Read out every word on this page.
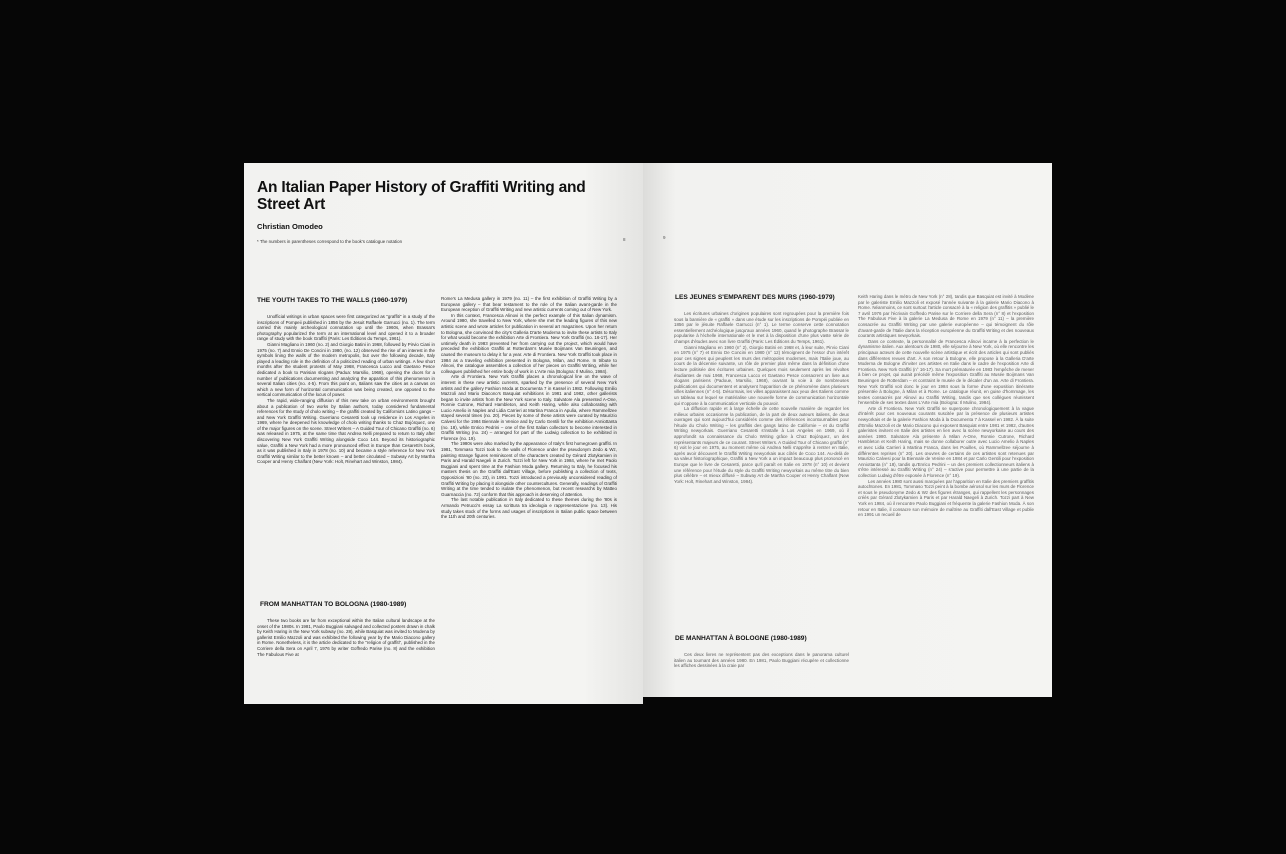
An Italian Paper History of Graffiti Writing and Street Art
Christian Omodeo
* The numbers in parentheses correspond to the book's catalogue notation	8
THE YOUTH TAKES TO THE WALLS (1960-1979)

Unofficial writings in urban spaces were first categorized as "graffiti" in a study of the inscriptions of Pompeii published in 1856 by the Jesuit Raffaele Garrucci (no. 1). The term carried this mainly archeological connotation up until the 1960s, when Brassaï's photography popularized the term at an international level and opened it to a broader range of study with the book Graffiti (Paris: Les Éditions du Temps, 1961).

Gianni Magliano in 1960 (no. 2) and Giorgio Batini in 1968, followed by Pirvio Ciani in 1975 (no. 7) and Ennio De Concini in 1980, (no. 12) observed the rise of an interest in the symbols lining the walls of the modern metropolis, but over the following decade, Italy played a leading role in the definition of a politicized reading of urban writings. A few short months after the student protests of May 1968, Francesca Lucco and Gaetano Pesce dedicated a book to Parisian slogans (Padua: Marsilio, 1968), opening the doors for a number of publications documenting and analyzing the apparition of this phenomenon in several Italian cities (no. 4-5). From this point on, Italians saw the cities as a canvas on which a new form of horizontal communication was being created, one opposed to the vertical communication of the locus of power.

The rapid, wide-ranging diffusion of this new take on urban environments brought about a publication of two works by Italian authors, today considered fundamental references for the study of cholo writing – the graffiti created by California's Latino gangs – and New York Graffiti Writing. Guerriano Cesaretti took up residence in Los Angeles in 1969, where he deepened his knowledge of cholo writing thanks to Chaz Bojórquez, one of the major figures on the scene. Street Writers – A Guided Tour of Chicano Graffiti (no. 6) was released in 1975, at the same time that Andrea Nelli prepared to return to Italy after discovering New York Graffiti Writing alongside Coco 144. Beyond its historiographic value, Graffiti a New York had a more pronounced effect in Europe than Cesaretti's book, as it was published in Italy in 1978 (no. 10) and became a style reference for New York Graffiti Writing similar to the better known – and better circulated – Subway Art by Martha Cooper and Henry Chalfant (New York: Holt, Rinehart and Winston, 1984).

FROM MANHATTAN TO BOLOGNA (1980-1989)

These two books are far from exceptional within the Italian cultural landscape at the onset of the 1980s. In 1981, Paolo Buggiani salvaged and collected posters drawn in chalk by Keith Haring in the New York subway (no. 28), while Basquiat was invited to Modena by gallerist Emilio Mazzoli and was exhibited the following year by the Mario Diacono gallery in Rome. Nonetheless, it is the article dedicated to the "religion of graffiti", published in the Corriere della Sera on April 7, 1976 by writer Goffredo Parise (no. 8) and the exhibition The Fabulous Five at

Rome's La Medusa gallery in 1979 (no. 11) – the first exhibition of Graffiti Writing by a European gallery – that bear testament to the role of the Italian avant-garde in the European reception of Graffiti Writing and new artistic currents coming out of New York.

In this context, Francesca Alinovi is the perfect example of this Italian dynamism. Around 1980, she travelled to New York, where she met the leading figures of this new artistic scene and wrote articles for publication in several art magazines. Upon her return to Bologna, she convinced the city's Galleria D'arte Moderna to invite these artists to Italy for what would become the exhibition Arte di Frontiera. New York Graffiti (no. 16-17). Her untimely death in 1983 prevented her from carrying out the project, which would have preceded the exhibition Graffiti at Rotterdam's Musée Boijmans Van Beuningen, and caused the museum to delay it for a year. Arte di Frontiera. New York Graffiti took place in 1984 as a traveling exhibition presented in Bologna, Milan, and Rome. In tribute to Alinovi, the catalogue assembles a collection of her pieces on Graffiti Writing, while her colleagues published her entire body of work in L'Arte mia (Bologna: Il Mulino, 1984).

Arte di Frontiera. New York Graffiti places a chronological line on the wave of interest in these new artistic currents, sparked by the presence of several New York artists and the gallery Fashion Moda at Documenta 7 in Kassel in 1982. Following Emilio Mazzoli and Mario Diacono's Basquiat exhibitions in 1981 and 1982, other gallerists began to invite artists from the New York scene to Italy. Salvatore Ala presented A-One, Ronnie Cutrone, Richard Hambleton, and Keith Haring, while also collaborating with Lucio Amelio in Naples and Lidia Carrieri at Martina Franca in Apulia, where Rammellzee stayed several times (no. 20). Pieces by some of these artists were curated by Maurizio Calvesi for the 1984 Biennale in Venice and by Carlo Gentili for the exhibition Anniottanta (no. 18), while Enrico Pedrini – one of the first Italian collectors to become interested in Graffiti Writing (no. 24) – arranged for part of the Ludwig collection to be exhibited in Florence (no. 19).

The 1980s were also marked by the appearance of Italy's first homegrown graffiti. In 1981, Tommaso Tozzi took to the walls of Florence under the pseudonym Zedo & Wz, painting strange figures reminiscent of the characters created by Gérard Zlotykamien in Paris and Harald Naegeli in Zurich. Tozzi left for New York in 1984, where he met Paolo Buggiani and spent time at the Fashion Moda gallery. Returning to Italy, he focused his masters thesis on the Graffiti dall'East Village, before publishing a collection of texts, Opposizioni '80 (no. 23), in 1991. Tozzi introduced a previously unconsidered reading of Graffiti Writing by placing it alongside other countercultures. Generally, readings of Graffiti Writing at the time tended to isolate the phenomenon, but recent researchs by Matteo Guarnaccia (no. 72) conform that this approach is deserving of attention.

The last notable publication in Italy dedicated to these themes during the '80s is Armando Petrucci's essay La scrittura tra ideologia e rappresentazione (no. 13). His study takes stock of the forms and usages of inscriptions in Italian public space between the 11th and 20th centuries.

9
LES JEUNES S'EMPARENT DES MURS (1960-1979)

Les écritures urbaines d'origines populaires sont regroupées pour la première fois sous la bannière de « graffiti » dans une étude sur les inscriptions de Pompéi publiée en 1856 par le jésuite Raffaele Garrucci (n° 1). Le terme conserve cette connotation essentiellement archéologique jusqu'aux années 1960, quand le photographe Brassaï le popularise à l'échelle internationale et le met à la disposition d'une plus vaste série de champs d'études avec son livre Graffiti (Paris: Les Éditions du Temps, 1961).

Gianni Magliano en 1960 (n° 2), Giorgio Batini en 1968 et, à leur suite, Pirvio Ciani en 1975 (n° 7) et Ennio De Concini en 1980 (n° 12) témoignent de l'essor d'un intérêt pour ces signes qui peuplent les murs des métropoles modernes, mais l'Italie joue, au cours de la décennie suivante, un rôle de premier plan même dans la définition d'une lecture politisée des écritures urbaines. Quelques mois seulement après les révoltes étudiantes de mai 1968, Francesca Lucco et Gaetano Pesce consacrent un livre aux slogans parisiens (Padoue, Marsilio, 1968), ouvrant la voie à de nombreuses publications qui documentent et analysent l'apparition de ce phénomène dans plusieurs villes italiennes (n° 4-5). Désormais, les villes apparaissent aux yeux des Italiens comme un tableau sur lequel se matérialise une nouvelle forme de communication horizontale qui s'oppose à la communication verticale du pouvoir.

La diffusion rapide et à large échelle de cette nouvelle manière de regarder les milieux urbains occasionne la publication, de la part de deux auteurs italiens, de deux ouvrages qui sont aujourd'hui considérés comme des références incontournables pour l'étude du Cholo Writing – les graffitis des gangs latino de Californie – et du Graffiti Writing newyorkais. Guerriano Cesaretti s'installe à Los Angeles en 1969, où il approfondit sa connaissance du Cholo Writing grâce à Chaz Bojórquez, un des représentants majeurs de ce courant. Street Writers. A Guided Tour of Chicano graffiti (n° 6) voit le jour en 1975, au moment même où Andrea Nelli s'apprête à rentrer en Italie, après avoir découvert le Graffiti Writing newyorkais aux côtés de Coco 144. Au-delà de sa valeur historiographique, Graffiti a New York a un impact beaucoup plus prononcé en Europe que le livre de Cesaretti, parce qu'il paraît en Italie en 1978 (n° 10) et devient une référence pour l'étude du style du Graffiti Writing newyorkais au même titre du bien plus célèbre – et mieux diffusé – Subway Art de Martha Cooper et Henry Chalfant (New York: Holt, Rinehart and Winston, 1984).

DE MANHATTAN À BOLOGNE (1980-1989)

Ces deux livres ne représentent pas des exceptions dans le panorama culturel italien au tournant des années 1980. En 1981, Paolo Buggiani récupère et collectionne les affiches dessinées à la craie par

Keith Haring dans le métro de New York (n° 28), tandis que Basquiat est invité à Modène par le galeriste Emilio Mazzoli et exposé l'année suivante à la galerie Mario Diacono à Rome. Néanmoins, ce sont surtout l'article consacré à la « religion des graffitis » publié le 7 avril 1976 par l'écrivain Goffredo Parise sur le Corriere della Sera (n° 8) et l'exposition The Fabulous Five à la galerie La Medusa de Rome en 1979 (n° 11) – la première consacrée au Graffiti Writing par une galerie européenne – qui témoignent du rôle d'avant-garde de l'Italie dans la réception européenne du Graffiti Writing et des nouveaux courants artistiques newyorkais.

Dans ce contexte, la personnalité de Francesca Alinovi incarne à la perfection le dynamisme italien. Aux alentours de 1980, elle séjourne à New York, où elle rencontre les principaux acteurs de cette nouvelle scène artistique et écrit des articles qui sont publiés dans différentes revues d'art. À son retour à Bologne, elle propose à la Galleria D'arte Moderna de Bologne d'inviter ces artistes en Italie dans le cadre de l'exposition Arte di Frontiera. New York Graffiti (n° 16-17). Sa mort prématurée en 1983 l'empêche de mener à bien ce projet, qui aurait précédé même l'exposition Graffiti au Musée Boijmans Van Beuningen de Rotterdam – et contraint le musée de le décaler d'un an. Arte di Frontiera. New York Graffiti voit donc le jour en 1984 sous la forme d'une exposition itinérante présentée à Bologne, à Milan et à Rome. Le catalogue réunit, en guise d'hommage, les textes consacrés par Alinovi au Graffiti Writing, tandis que ses collègues réunissent l'ensemble de ses textes dans L'Arte mia (Bologna: Il Mulino, 1984).

Arte di Frontiera. New York Graffiti se superpose chronologiquement à la vague d'intérêt pour ces nouveaux courants suscitée par la présence de plusieurs artistes newyorkais et de la galerie Fashion Moda à la Documenta 7 à Kassel en 1982. À la suite d'Emilio Mazzoli et de Mario Diacono qui exposent Basquiat entre 1981 et 1982, d'autres galeristes invitent en Italie des artistes en lien avec la scène newyorkaise au cours des années 1980. Salvatore Ala présente à Milan A-One, Ronnie Cutrone, Richard Hambleton et Keith Haring, mais se donne collaborer outre avec Lucio Amelio à Naples et avec Lidia Carrieri à Martina Franca, dans les Pouilles, où Rammellzee séjourne à différentes reprises (n° 20). Les œuvres de certains de ces artistes sont retenues par Maurizio Calvesi pour la Biennale de Venise en 1984 et par Carlo Gentili pour l'exposition Anniottanta (n° 18), tandis qu'Enrico Pedrini – un des premiers collectionneurs italiens à s'être intéressé au Graffiti Writing (n° 24) – s'active pour permettre à une partie de la collection Ludwig d'être exposée à Florence (n° 19).

Les années 1980 sont aussi marquées par l'apparition en Italie des premiers graffitis autochtones. En 1981, Tommaso Tozzi peint à la bombe aérosol sur les murs de Florence et sous le pseudonyme Zedo & Wz des figures étranges, qui rappellent les personnages créés par Gérard Zlotykamien à Paris et par Harald Naegeli à Zurich. Tozzi part à New York en 1984, où il rencontre Paolo Buggiani et fréquente la galerie Fashion Moda. À son retour en Italie, il consacre son mémoire de maîtrise au Graffiti dall'East Village et publie en 1991 un recueil de
